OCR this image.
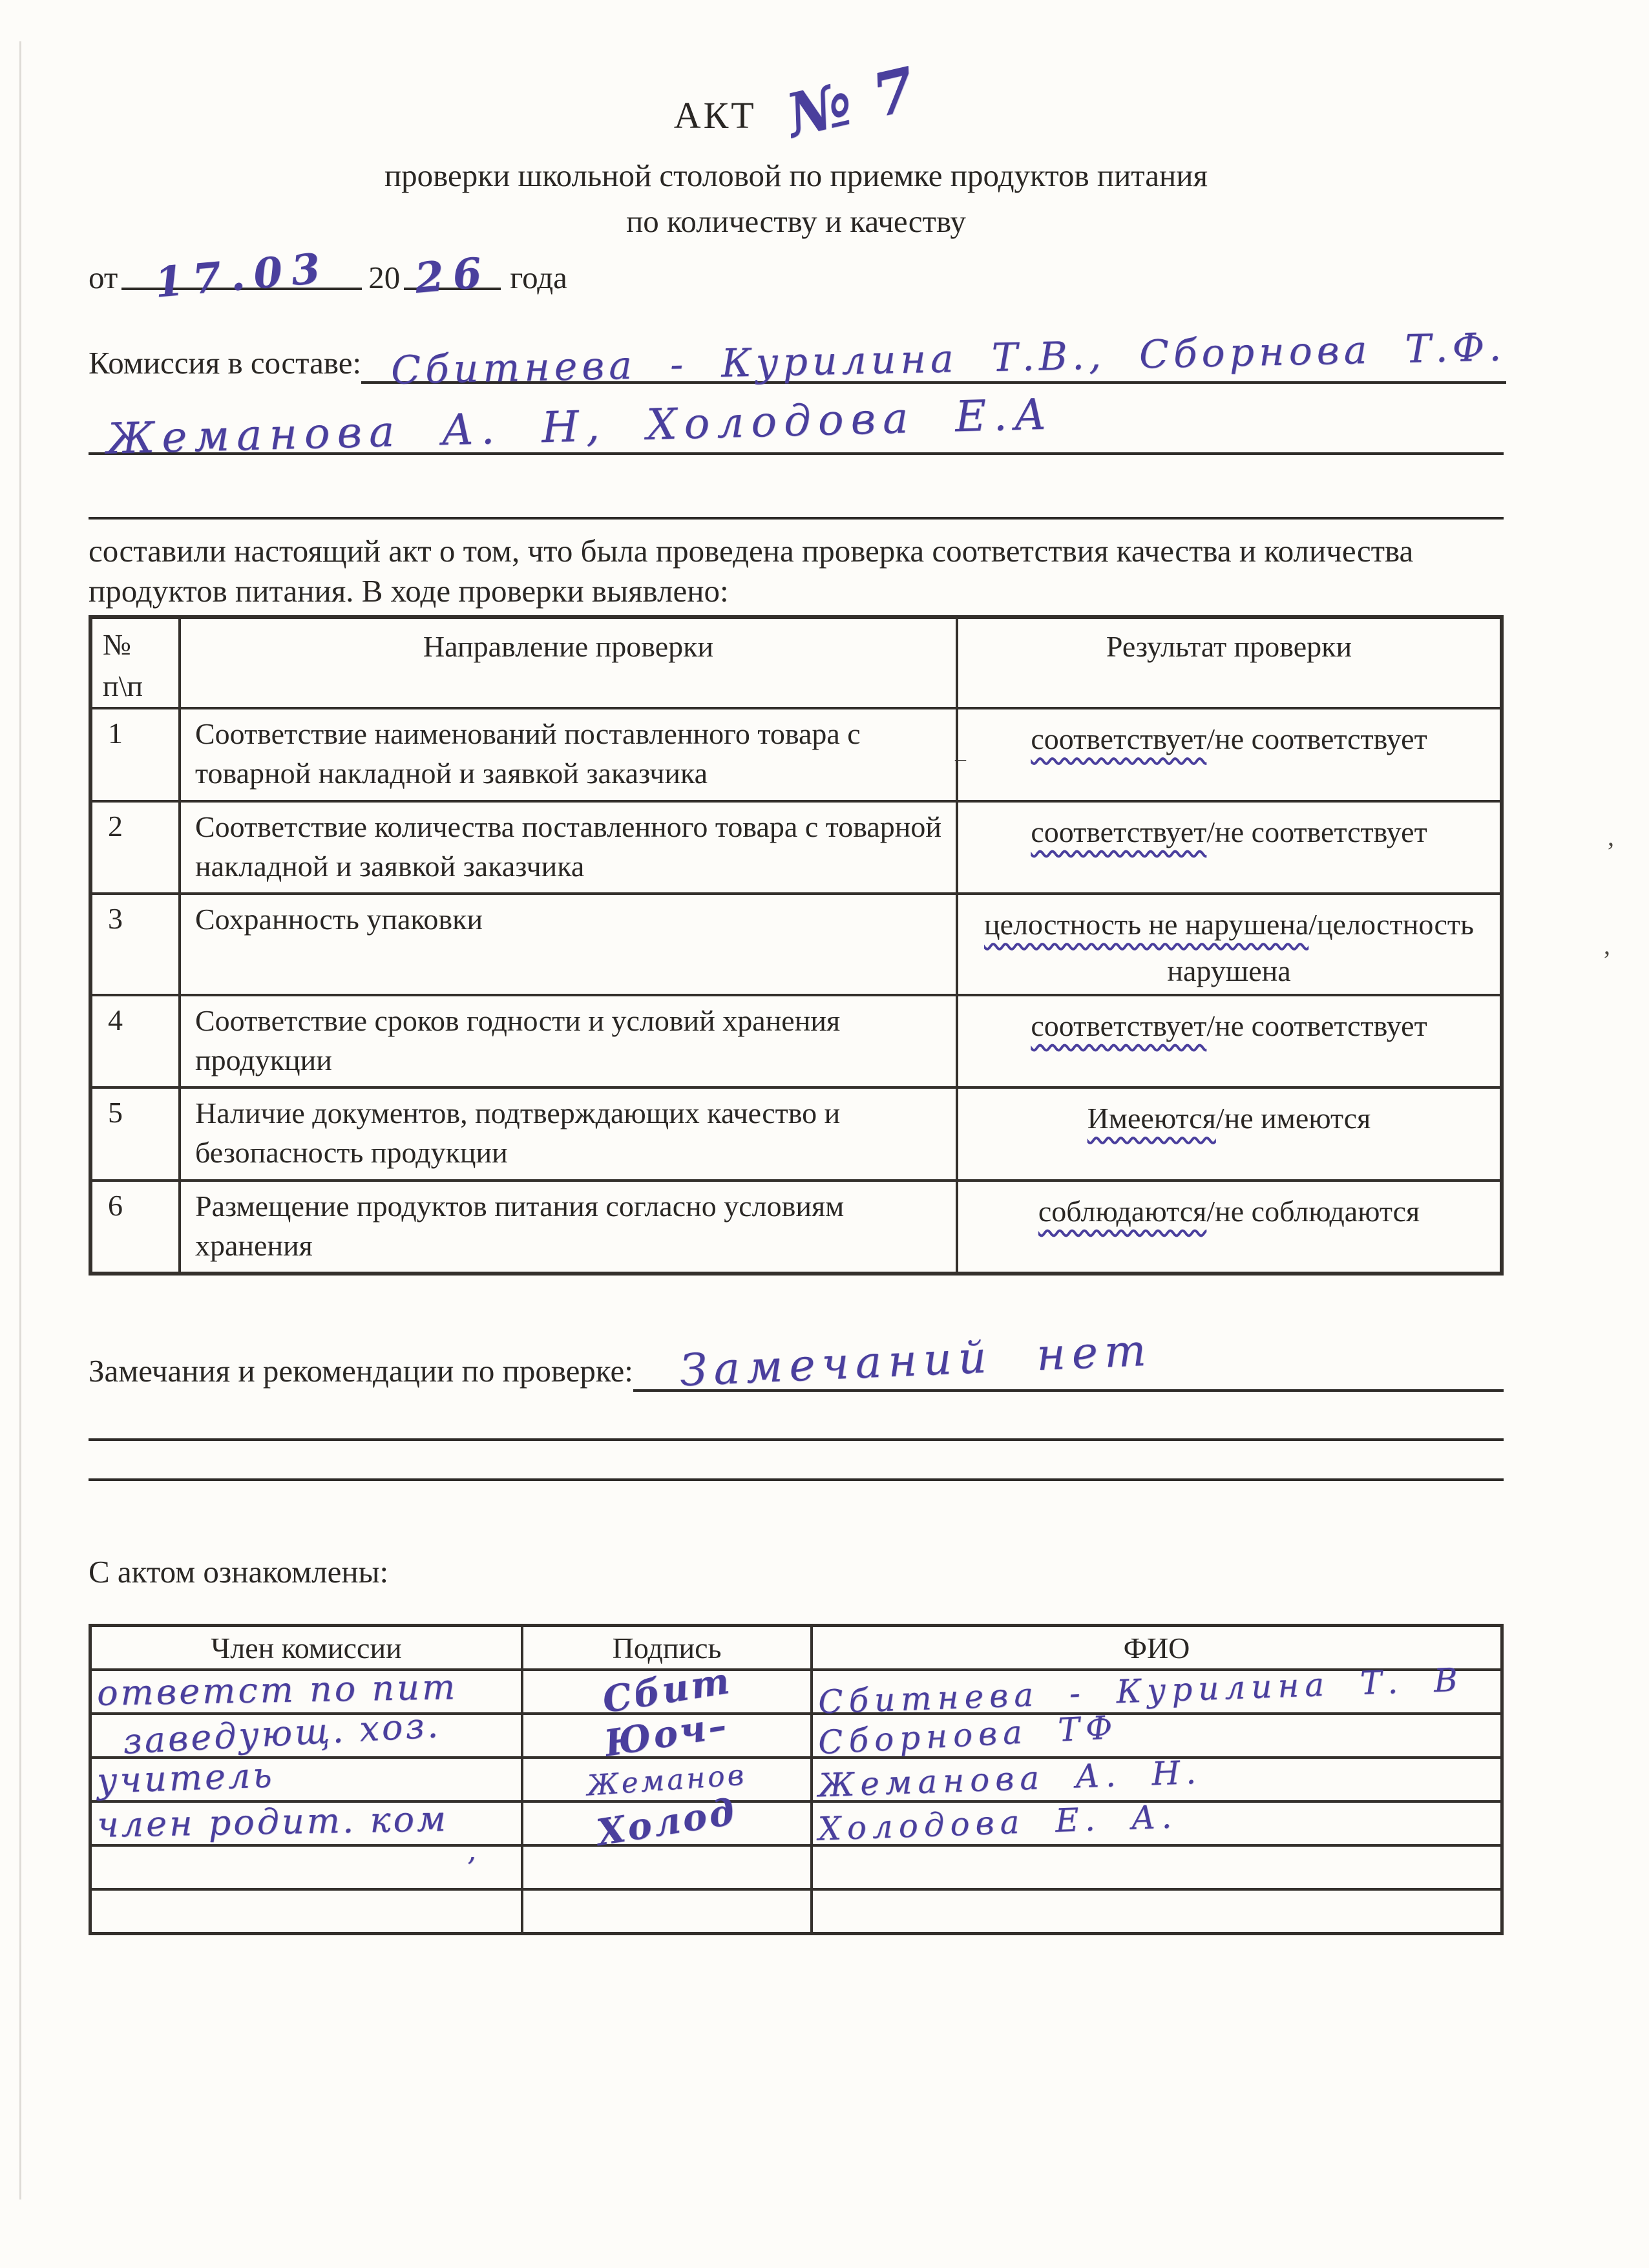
АКТ № 7
проверки школьной столовой по приемке продуктов питания
по количеству и качеству
от 17.03	20 26 года
Комиссия в составе: Сбитнева - Курилина Т.В., Сборнова Т.Ф.
Жеманова А. Н, Холодова Е.А
составили настоящий акт о том, что была проведена проверка соответствия качества и количества продуктов питания. В ходе проверки выявлено:
№
п\п	Направление проверки	Результат проверки
1	Соответствие наименований поставленного товара с товарной накладной и заявкой заказчика	соответствует/не соответствует
2	Соответствие количества поставленного товара с товарной накладной и заявкой заказчика	соответствует/не соответствует
3	Сохранность упаковки	целостность не нарушена/целостность нарушена
4	Соответствие сроков годности и условий хранения продукции	соответствует/не соответствует
5	Наличие документов, подтверждающих качество и безопасность продукции	Имееются/не имеются
6	Размещение продуктов питания согласно условиям хранения	соблюдаются/не соблюдаются
Замечания и рекомендации по проверке:	Замечаний нет
С актом ознакомлены:
Член комиссии	Подпись	ФИО
ответст по пит	Сбит	Сбитнева - Курилина Т. В
заведующ. хоз.	Юоч–	Сборнова ТФ
учитель	Жеманов	Жеманова А. Н.
член родит. ком	Холод	Холодова Е. А.
’		

’
’
–
